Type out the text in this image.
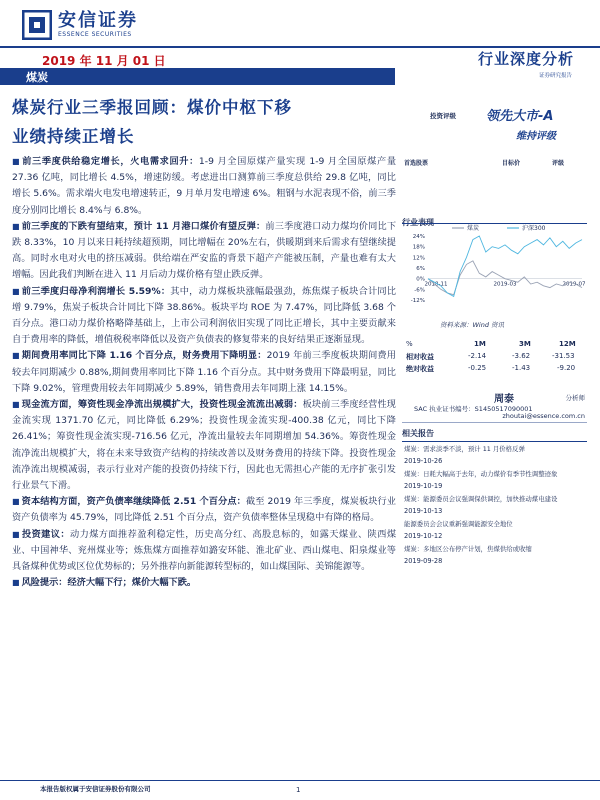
安信证券
ESSENCE SECURITIES
2019 年 11 月 01 日	行业深度分析
证券研究报告
煤炭
煤炭行业三季报回顾：煤价中枢下移
业绩持续正增长
投资评级 领先大市-A
维持评级
首选股票	目标价	评级

■ 前三季度供给稳定增长，火电需求回升：1-9 月全国原煤产量实现 1-9 月全国原煤产量 27.36 亿吨，同比增长 4.5%，增速防缓。考虑进出口测算前三季度总供给 29.8 亿吨，同比增长 5.6%。需求端火电发电增速转正，9 月单月发电增速 6%。粗钢与水泥表现不俗，前三季度分别同比增长 8.4%与 6.8%。

■ 前三季度的下跌有望结束，预计 11 月港口煤价有望反弹：前三季度港口动力煤均价同比下跌 8.33%，10 月以来日耗持续超预期，同比增幅在 20%左右，供暖期到来后需求有望继续提高。同时水电对火电的挤压减弱。供给端在严安监的背景下超产产能被压制，产量也难有太大增幅。因此我们判断在进入 11 月后动力煤价格有望止跌反弹。

■ 前三季度归母净利润增长 5.59%：其中，动力煤板块涨幅最强劲，炼焦煤子板块合计同比增 9.79%，焦炭子板块合计同比下降 38.86%。板块平均 ROE 为 7.47%，同比降低 3.68 个百分点。港口动力煤价格略降基础上，上市公司利润依旧实现了同比正增长，其中主要贡献来自于费用率的降低，增值税税率降低以及资产负债表的修复带来的良好结果正逐渐显现。

■ 期间费用率同比下降 1.16 个百分点，财务费用下降明显：2019 年前三季度板块期间费用较去年同期减少 0.88%,期间费用率同比下降 1.16 个百分点。其中财务费用下降最明显，同比下降 9.02%，管理费用较去年同期减少 5.89%，销售费用去年同期上涨 14.15%。

■ 现金流方面，筹资性现金净流出规模扩大，投资性现金流流出减弱：板块前三季度经营性现金流实现 1371.70 亿元，同比降低 6.29%；投资性现金流实现-400.38 亿元，同比下降 26.41%；筹资性现金流实现-716.56 亿元，净流出量较去年同期增加 54.36%。筹资性现金流净流出规模扩大，将在未来导致资产结构的持续改善以及财务费用的持续下降。投资性现金流净流出规模减弱，表示行业对产能的投资仍持续下行，因此也无需担心产能的无序扩张引发行业景气下滑。

■ 资本结构方面，资产负债率继续降低 2.51 个百分点：截至 2019 年三季度，煤炭板块行业资产负债率为 45.79%，同比降低 2.51 个百分点，资产负债率整体呈现稳中有降的格局。

■ 投资建议：动力煤方面推荐盈利稳定性，历史高分红、高股息标的，如露天煤业、陕西煤业、中国神华、兖州煤业等；炼焦煤方面推荐如潞安环能、淮北矿业、西山煤电、阳泉煤业等具备煤种优势或区位优势标的；另外推荐向新能源转型标的，如山煤国际、美锦能源等。

■ 风险提示：经济大幅下行；煤价大幅下跌。

-12%
-6%
0%
6%
12%
18%
24%
2018-11	2019-03	2019-07
煤炭	沪深300
资料来源：Wind 资讯
%	1M	3M	12M
相对收益	-2.14	-3.62	-31.53
绝对收益	-0.25	-1.43	-9.20
周泰	分析师
SAC 执业证书编号：S1450517090001
zhoutai@essence.com.cn
相关报告
煤炭：需求淡季不淡，预计 11 月价格反弹
2019-10-26
煤炭：日耗大幅高于去年，动力煤价有季节性调整迹象
2019-10-19
煤炭：能源委员会议强调保供调控，加快推动煤电建设
2019-10-13
能源委员会会议重新强调能源安全地位
2019-10-12
煤炭：多地区公布停产计划，焦煤供给或收缩
2019-09-28
本报告版权属于安信证券股份有限公司	1
